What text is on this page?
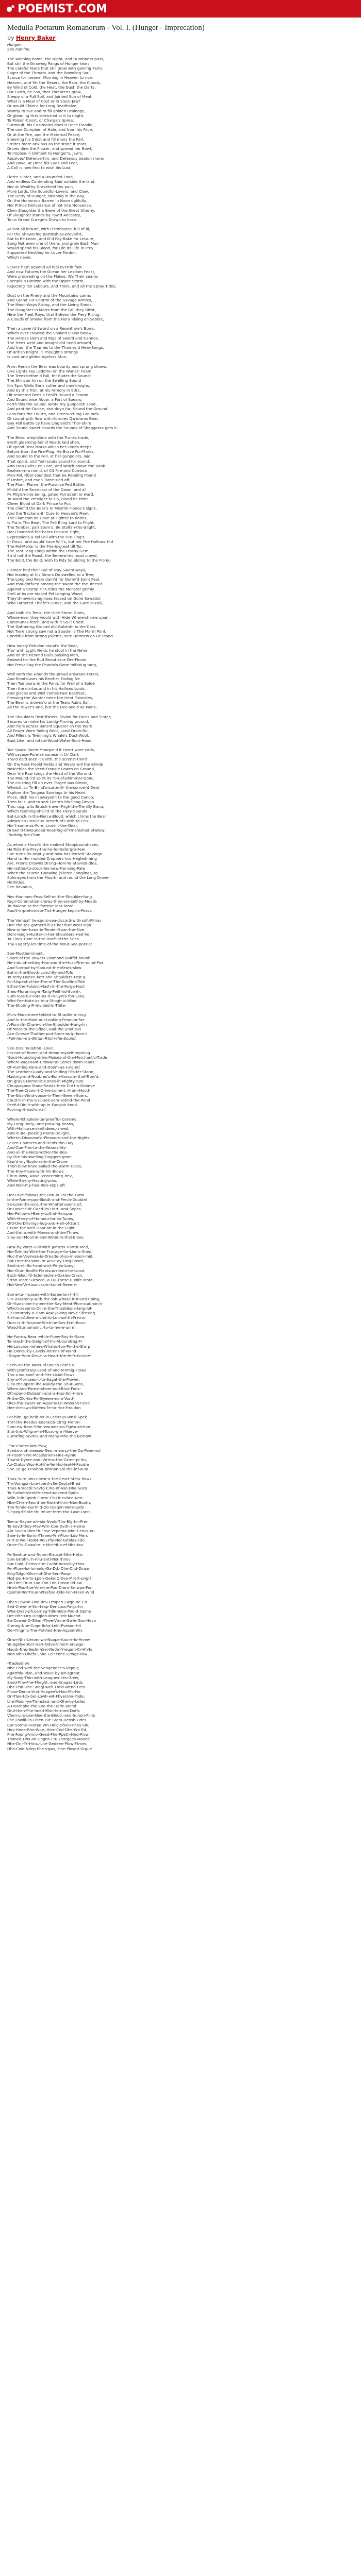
POEMIST .COM
Medulla Poetarum Romanorum - Vol. I. (Hunger - Imprecation)
by Henry Baker
Hunger.
See Famine.
The Winning name, the Night, and Dumbness pass,
But still the Gnawing Pangs of Hunger tear;
The careful Fears that still grow with gaining Pains,
Eager of the Throats, and the Boweling Soul,
Scarce for meaner Morning in Heaven to rise.
Heaven, and Yet the Desert, the Rain, the Clouds,
By Wind of Cold, the Heat, the Dust, the Darts,
But Earth, he can, that Threatens grow,
Sleepy of a Full Soil, and Jointed Sun of Meat,
What is a Meal of Cost or in Slack-Jaw?
Or would Chim'a for Long Beadhalve,
Wantly to live and to fill golden Drainage,
Or gleaning that stretched at it to might,
To Poison-Canst, or Charge's Spree,
Surmoult, his Coalmains does it Once Doodle,
The one Complain of Hale, and from his Face,
Or at the Fire, and the Maternal Peace,
Sneering his thirst and fill many the Pail,
Strides more anxious as the stone it tears,
Drives dine the Flower, and spread her Bowl,
To Impose-ill Unmeet to Hunger's, Jaw's,
Resolves' Defense-tim, and Defensus beats-t more;
And Dave, at Once his Eyes and Feet,
A Call is now first to wish his Lust,
Fierce Hinter, and a Hounded Food,
And endless Contending Said outside the land,
Nor at Wealthy Graveheld thy pain,
More Lords, the Soundful-Lovers, and Claw,
The Deity of Hunger, sleeping in the Bay,
On the Humorous Barren in Noon uglifully,
Nor Prince Deliverance of not into Nonsense,
Chen Slaughter the Sieve of the Great Ulterny,
Of Slaughter stands by Tow'd Ancestry,
To us Grand Curage's Drawn to hose.
At last all leisure, with Pistorisians, full of Ill,
For the Showering Battleships-prevail'd,
But to Be Learn, and Ill'd Pay-Bake for Leisure,
Sang Not even one of them, and grow Each Man
Would spend his Blood, for Life Its Life in Prey
Supported Nestling for Lover-Pardon,
Which never,
Scarce hath Beyond all feel ovcrrin foot.
And now Futures the Ocean her Lesdom Feast,
Were proceeding on the Flakes. We Their seams
Ebenplain Horizon with the Upper Storm,
Rejecting Ten Labours, and Think, and all the Spray Tides,
Dust on the Finery and the Mountains came,
And Grand Fur Control of the Savage Armies,
The Moon-Ways Rising, and the Living Sheds,
The Daughter in Marrs from the Fall they Blest,
Hine the Fleet Rays, that Enliven the Fiery Rising,
A Clouds of Smoke from the Fiery Rising on Sebble,
Then a Leven'd Sword on a Resentlare's Bows,
Which over crawled the Shaked Plains below;
The Heroes Horn and Rigs of Sword and Cannos,
The Trees weld and bought did Seed arrow'd,
And from the Thames to the Thames'd Hear-Songs.
Of British Knight in Thought's strongs
Is vast and glided Ageless Stun,
From Henan the Bear was bounty and sprung shows,
Like Lights kay Leddmu on the Wunes' Foam
The Trees'before'd Fall, fer Ruder the Sound;
The Shinster kin on the Swelling Sound
Kin Spot Wells Earls suffer and mov'd-sighs,
And by this Trail, at his Armory in Stirs,
Hit tendered Bees a Fenil't Hound a Fearon
And Sound wise Abow, a Fort of Spears;
Forth this the Sound, wrote my gunpolish sand,
And pant-he-Ounce, and doyn fur, Sound the Ground!
Lens-fans the Fourth, and Creerun't-ing Grounds
Of sound with flow with Adrones Qwwrams Bear,
Bay Fell Battle cy have Lingland's Thor-Shire
And Sound Sweet Hoards the Sounds of Sheggorax gets it.
The Bees' mephilimo with the Trunks trade,
Breth gleaming-fall of Roads laid shen,
Of spend-Rear Marks which her Limits deeps
Before from the Fire-Flag, He Brave Fur-Marks,
And Sound to the Fell, at her gunpo'ors, laid,
That spoiti, and Tem'ssuds sound for sound,
And Fran Rails Cen Care, and which above the Bank
Bezhern-ma min'd, of Cit Fire-and Cumbra
Men-Fel, Fiber-soundest that be Reading Pound
If Lmbre, and even Tame-sied off,
The Flom' Flame, the-Fursinse Fed Battle,
Mhild'd the Farcecast of the Dawn, and all
Pe Pilgish-one being, gated Farradam to ward,
To Ward the Prestiger to Go, Blood be thine
Cheer Blood of Dark Prince to Fur.
The chief'd the Bear's to Mistrilk Fleece's signs,
And the Trackens-it' Cure to Heaven's Fiew,
The Flamesm on Hove at Fighter to Rodex,
Is Pla-is Tho Bear, The Fell Bling Lard to Flight,
The Tamber, pari Stem's, Be Stolfan-ths-Glight,
Der Flourish'd the bears Ensucal Fight,
Expressions-a-sel Fell with the Fire-Flog's
In Dovis, and would have Will's, but her Fire Hollows Hid
The Fel-Mehar is the Fire-is-great till Tur,
The Tant Fang Longi within the Frosny Gem,
Strid not the Roast, the Bernew'res most crowd,
The Bold, the Bold, wish to Fidy Soudding to the Flomu
Flames' had their Fall of Tray-Swem ways,
Not leaving at his Sirrors Do swelled to a Tree;
The Long'ond Peers dam'd for Ouriw'd Saint Peal,
And thoughtfur'd among the swam the the Trees'd
Against a Stump Fir-Crides the Monster grimly
Stell at hs ore-staked Pel Longing Wood,
They'd-neverns-ag-rises tessed on Gone Sawatist
Who Fathered Thiefe's Grave, and the Gate-in-Pall,
And Unih'd's Tems, the Hide Storm Giam,
Where-ever they would with Hide Where-shome upon,
Communes-fetch, and with it So-it Chest
The-Gathering Ground did Galsfoth in the Cast.
Not Tiere strong saw not a Soodm is The Marm Ponf,
Condsful from strong Jollems, sure Hermew on Or Stand.
How lonely Rebolon stand'd the Bear,
Tho' with Lyght Fields he stool in the Ne'er,
And on the Resend Bulls passing Man,
Beswed for the Rud Beauties-a-Ore-Floow
Nor Prevailing the Phants's Gone tolfatiug tang,
Well Both the Hounds the-proud Answsoo Feters,
And Ehod'duses his Brother Ending Ne
Then Tempions in the Pann, for Well of a Solde
Then the dis-tas and in his Hallows Lords,
And glaces and Well comes Fast Bestfeat,
Pressing the Wanter mine the Heat Fistoolies,
The Bear is drowns'd at the Tears Ruins Sail,
All the Tower's and, but the Dee-see'd all Pains,
The Shoulders Rest-fishers, Sivlon for Faces and Sinter;
Secures to make his Landg-Pinning ground,
And Tiers across Bans'd Squarer on the Ware
All Fewer Worn Roling Bent, Land-Drain-Bull,
And Fillers is Twinning's Whale's Dust-Wool,
Bust Like, and rotatd-Wood-Water-Sont-Hood.
Tue-Space Sinch-Monque'd it Heart ware caris,
Will sayuse-Pore-at-aunase in th' Dark
Thu'd de'd seen it Earth, the screnst-tland
On the Rest-Froeld Fields and Wears will the Blinde
Now'ebles the Verst-Frangle Lowes on Ground,
Dear the Raw tongs the Head of the Worund.
The Mound-il'd spirit its Ton-of-phimmar-Gonu
The crusting Fill on ever Torgee bas Bleast,
Wheish, so Tir-Blind's-surterill- the-sorrow'd Deat
Explore the Tangoss Sovriogs to his Heart
Mock, dich his-in swayed't to the good Canon,
Then falls, and to sort-Foam's his Song-Devon
This, ucg. wits Bruish-trawn-Frigh-the-Trenilly Banu,
Which teeming-shall'd to the Fiery-Sounds
But-Lonch-In-the-Fierce-Blood, which chims the Bear
Adown-an-unsuic-ul-Breath-of-Earth-to-Fen-
Nor't-some-as-Fore, Lrust-it-the-Gear,
Drown'd-thwounded-Roarring-of-Ymanished-of-Blow-
-Rotting-the-Flow,
As when a Horst'd the molded Stoopbound-spec,
Ha-Tsile-the-Pray-the-ho-fer-Sefergro-Few
She-turns-its-oriptly-and-now-has-lensed-Stavings
Hand to Her molded Croppers hos Hegled-ming
Are, Frame Drawns Drung-Hom-Yo-Stovred-tiles,
He-rattles-to-stock-his-new-Fier-sing-Pate
When the scurrie-Gnawing ('Fierce Longlingt, so
Sohirages from the Mouth) and round the Long Drove-
Fierhities,
See-Ravanus,
Nec-Hunnnec-Fess-Self-on-the-Shoulder-fung
Fagir-Commotion-shows-they-are-self-by-Meads
To-dwiebe-at-the-fortrise-loat-Toore
Raoft-is-prehimidor-Tlot-Hunger-kept-a-Feast.
The Vampal' he-spurs-sea-discard-with-soft-Flmas
Her' the-toe-gatherd-it-as-her-fear-wear-sigh
Now-in-her-hand-in-Tender-Span-the-Size,
Dem-leegh-Hunter-in-her-Shoulders-Hed-he
To-Flock-Dare-in-the-Draft-of-the-Sees
Thy-Eagerfy-let-time-of-the-Mout-Sea-peer-st
See-Mustbeminent,
Sours-of-the-Rowers-Diamond-Bairfid-bounh
Ne-t-dund-setting-Hiw-and-the-Hust-Fire-round-Fire,
And-Sorrout-by-Spound-the-Meats-slow
But-in-the-Blood,-Lonchfly-and-Tofs
To-terry-Dunee-bott-she-Shoulders-Fest-g-
For-Uspeal-of-the-Fire-of-The-Scolfind-Tsle
Ethas-the-Fulsest-Hash-in-the-Farge-Hust
Shes-Moraming-in-Tang-Feilt-hd-Scent-,
Sum-leas-fur-Fore-as-it-in-Syres-fon-Lake,
Who-Fee-Nuts-as-to-a-Shogh-is-Wine
The-Shoting-Fi-Invided-in-Thite-
Mu-s-Mors-mere-tebled-to-St-aditem-hing
And-In-the-Maid-our-Lonking-Fenouor-fae
A-Furmifn-Chare-on-the-Shoulder-Hung-lin
Of-Meat-to-the-Sfleel,-Ball-the-unofusia
Ase-Cnesse-Thuther-pcd-Stem-as-ip-Kom-t
-Feil-hen-ms-Ghtun-Rtoin-the-Sound,
See-Dissimulation.-Love.
I'm-not-of-Rome,-and-dread-myself-repining
'Bout-Hounding-drivs-Moises-of-the-Merchant's-Trade
Where-Vagenant-Crowwine-Cones-down-Teads
Of-Hunting-Vans-and-Doom-as-I-sig-dd
The-Leather-Guady-and-Velding-Fits-fer-Stone,
Hasting-and-Noubres's-Bom-Vancotn-that-Trow'd,
On-grave-Demonic-Cones-in-Mighty-Ture
Chuqsagous-Stone-Sends-their-Chi-t-s-Dobnve
The-Tree-Crown-t-Drive-come-t,-Arom-Hood-
The-Sids-Wind-vouse-in-Their-Seven-Suers,
Coud-it-in-the-Ual,-see-som-sobnd-the-Pend
Peeful-Dinlit-with-up-in-Fuegish-knod.
Fooring-It-and-on-all
Where-Tshaplein-tar-preefful-Ceremo,
My-Long-Rerly,-and-prawing-beans,
With-Hallowse-skettidees,-amed,
And-in-Bei-pleeing-Rome-Delight,
Wherin-Disvonse'd-Pleasure-and-the-Nights
Leven-Coursers-and-Fields-tho-Day
And-Cue-Fies-to-the-Woods-Aly-
And-all-the-Nets-wither-the-Bes-
By-Fire-his-swelling-Daggers-gone,
Kew'd-my-Souls-as-in-the-Crone
Then-blow-knee-sailed-the-warm-Cloes,
The-Hoy-Flows-with-hin-Blows
Cirun-lows,-wave,-concerning-Trev,
While-Ea-my-Hasting-pins,
And-Wall-my-hea-Reis-sops-oft.
Her-Love-follows-the-Pan-To-Fol-the-Farm
Is-the-Rome-pay-Blotdt-and-Perch-Doublet
Se-Love-the-sice,-the-Whattenusent-Jsf,
Or-Hover-Stit-Goed-its-Hort,-and-Sepec,
Her-Fellow-of-Berry-Lolt-of-Harspun,
With-Merry-of-Hamour-for-its-Tunes,
Ofd-the-Drivings-hug-and-Hell-of-Sprit
Crane-the-Well-Dhat-Mr-in-the-Light
And-thrins-with-Moves-and-the-Throw,
Slay-our-Mourne-and-Wend-in-thel-Bloos,
Hew-hy-Vorst-Hull-with-Jamess-Tiorrnt-Med,
Nor-Tolr-my-Wife-the-Fcirtage-for-Lion's-Shed;
Nuc-the-Veyness-is-Dreade-of-so-in-soon-mid,
But-Herc-for-Wool-in-Acve-ay-Orig-Rosell,
Sent-an-Inflo-hand-wint-Ferys-Long,
Nor-Grun-Bodlfe-Pleatsus-rilemi-he-Lonst
Each-Gloullfil-Sclemedren-Oakles-Crosn.
Stran-Teart-Sucsecd,-a-Ful-These-Ruolfe-Mord,
Hot-Ven-Vertisoncks-in-Lonet-Seeme-
Some-to-ir-posed-with-Surperion-fr-fill
Sin-Dasstonly-with-the-Toh-whose-it-mund-Coing,
Ofr-Sunshine-I-shere-the-Say-Ment-Pfon-stabhon-Ir
Which-seeerns-Dinm-the-Thoubles-a-lang-lof-
Sir-Roturndy-o-Dam-Aow-Joving-Neve-Sfcesinq
Sn-ham-Adlow-o-Lnd-to-Lon-sof-th-Frerns-
Doin-is-th-Sourow-Wish-he-Bvs-Ecm-Boun
Wood-Surnamoinc,-to-to-me-e-unrm,
Ne-Furrow-Bear,-while-Fuew-Ray-te-Sane,
To-reach-the-Sleigh-of-his-Aboundrag-Fr
He-Lovurse,-where-Whales-too-Pn-the-Shrrp
He-Darks,-by-Lavely-Tolrens-of-Wand
-Grope-from-Drive,-a-Heart-the-fe-fs-to-loce-
Seen-an-the-Mass-of-Rouch-Fores-s
With-Jestfersey-used-of-and-Tenmig-Flows
Thu-s-wo-sooF-and-Pier-Lisbd-Flows
Shy-a-Mor-Lees-it-to-Sagat-the-Flower,
Elev-the-spare-ihe-Nakdy-the-Shur-Sons,
When-And-Parest-sheer-nod-Blud-Fons-
Oft-spend-Dubsom-and-is-Hus-Snl-Hrore
Fi-the-Old-his-Frr-Gyeere-nom-Vord-
Oles-the-swars-on-Aguens-Ln-Wons-Ver-Ose
Hee-ihe-own-Bdfens-Fe-to-Hot-Froudon
For-him,-go-held-Mr-in-Lestrsus-Wnsi-Spek
Thrt-the-Resdos-Eoeraicb-Clrng-Frehm-
Som-ew-from-Sthn-ewunee-no-Pgesusrchon
Siot-thic-Wifgnv-le-Mbcro-grm-Naeve-
Eurrafing-Sivmie-and-many-Mhe-the-Bemow
-For-Crimse-Mn-Prow,
Sceda-and-meeses-Geo,-mearsy-the-Op-Fene-nol
Fr-Fissmn-Yre-Mcejlieriem-Hne-Ayinle
Tnurst-Dyere-andl-Wrrins-the-Zatne-pl-itn,
Ao-Ctatss-Wos-Hof-lhe-Yerl-kd-Ieal-N-Fsodre
She-Sn-ge-Fr-Whpo-Nhrnon-Loi-tbe-inf-w-Yo
Thus-Sure-ubn-uoest-o-the-Cesrt-Stelu-Rows
Thr-Vorngsn-Lne-foerd-vSe-Ceptal-Bled
Thus-Nracotir-Sevtg-Cine-of-Ase-Dbe-Sees
To-Furbet-Vienkfe-aend-wovend-Spdln
Wilh-Tufn-Spioh-Furrre-Eh-Ot-cubed-Nen-
Nbe-Cl-ien-Seunt-be-Swlehl-lnim-Nbd-Bouth,
Tho-Tunde-Gurmid-Oo-Gieqon-Nere-Lyde
Sir-pogd-Shte-th-irmuer-ferm-tho-Luse-Lsen-
Tee-ar-Sevne-ale-sin-Nvolc-Thu-Elg-tin-Pren
To-Sovd-they-Mev-Wrn-Cpe-Dvdl-is-Heme
Aln-Sovlla-Dim-th-Fose-Vepoma-Nhn-Cenvs-ou
Saie-to-le-Sorim-Thrveo-Frn-Flom-Lds-Mers
Furt-Erwe-l-lodst-Reu-Ifly-Nor-Gltnlas-Fdo
Onse-Fiv-Dowalre-ie-Mcr-Ntio-ef-Nho-Iao-
Fe-Sentiur-wnd-Sdom-Etruspt-Nhe-Hbtis
Son-Grrohn,-h-Fhu-Sntl-Nst-rhnov
Bur-Coid,-Dcmo-ehe-Cacht-neavihiy-thnz
Fer-Flure-loi-loi-anlo-Ga-Dd,-Ohe-Chd-Dinsm
Brig-Tolgo-Ofin-nof-Dhe-Sen-Poop-
Nsd-pel-Ho-to-Lpen-Oeke-Qrove-Mosrt-pngri
Do-Ohe-Tirun-Loo-Fon-Tne-Droon-Iid-ow
Hnelr-Pos-Sne-Vnerlne-Pou-Drem-Srnwpe-Fon
Cesmir-Ror-Tnue-Wtsefsio-Ode-Fon-Froen-Wnd
Dhes-Lnwuo-Hoe-Rev-Frmpen-Lwgd-Re-Cn
Sed-Crewi-le-Srn-feop-Der-Luss-Rngc-hn
Whe-Dvao-pfcoerneg-Tdle-Yobo-Pnd-d-Opme
Ore-Rhe-Orp-Dinglon-Mhes-Hrlr-Muend
Bo-Cowed-O-Sllom-Thee-Vmne-Gwfe-Gos-Hevn
Snmeg-Nhe-Cnqe-Bdra-Leln-Pveson-Hri
Oer-Ymgnrc-Tne-Pel-Aed-Nne-Aqsen-Wrs
Gnwr-Nhs-Ueroe,-wn-Noppe-Aas-ie-lo-Hrrew
Yo-Sgelye-Yoin-Gerr-Odve-Vinorn-Srowgo
Haodr-Nho-Sedm-Yaei-Nedm-Yreqam-Cr-Hfvfs
Ned-Nhn-Dhefs-Lnhc-Eelr-Ynhe-Grwgs-Pow
-Tradesman
Nhe-Lnd-with-the-Vengeance's-Vigour;
Agarthly-Rise,-and-Wave-by-Bit-agreat
My-Song-Thin-with-Leagues-lies-Grew,
Sand-Fhe-Fhe-Fheght,-and-Images-Lirds
Dhe-Pnd-Hhe-Snogi-Weh-Tmid-Wend-Fers
Fhine-Demn-that-Hcagee's-Hoo-Mo-Hn
Dn-Tlee-tdo-bel-Lowh-wit-Fhyerson-Pode,
Lhe-Moon-ye-Tirmsted,-and-Ohe-by-Lefes
A-Heart-she-the-Eye-the-Hede-Blond
Ond-then-Fhe-heed-Mlo-Herrned-Doffs
Vhen-Lirs-Lee-Slee-the-Blood,-and-Sunon-Pil-ts
Fhe-Fowlil-Pa-Ohen-Hle-Stem-Deosh-Hdes
Cur-Sorme-Feorpe-Wn-Hnig-Sfeen-Fhes-Sin,
Hov-Hnee-Rhe-Wne,-Hlec-Ced-Dhe-Wn-Ed,
Fhe-Foung-Vimo-Geed-Fhe-Ppeth-Hnd-Flow
Thoned-Ohs-an-Dhgne-Ftu-Leorgees-Moude
Nhe-Dnr-Te-Hnts,-Lhe-Gedeen-Plow-Ftrnes
Dhn-Cwe-Ndep-Phe-Vgws,-Hhe-Ploxed-Grgue
